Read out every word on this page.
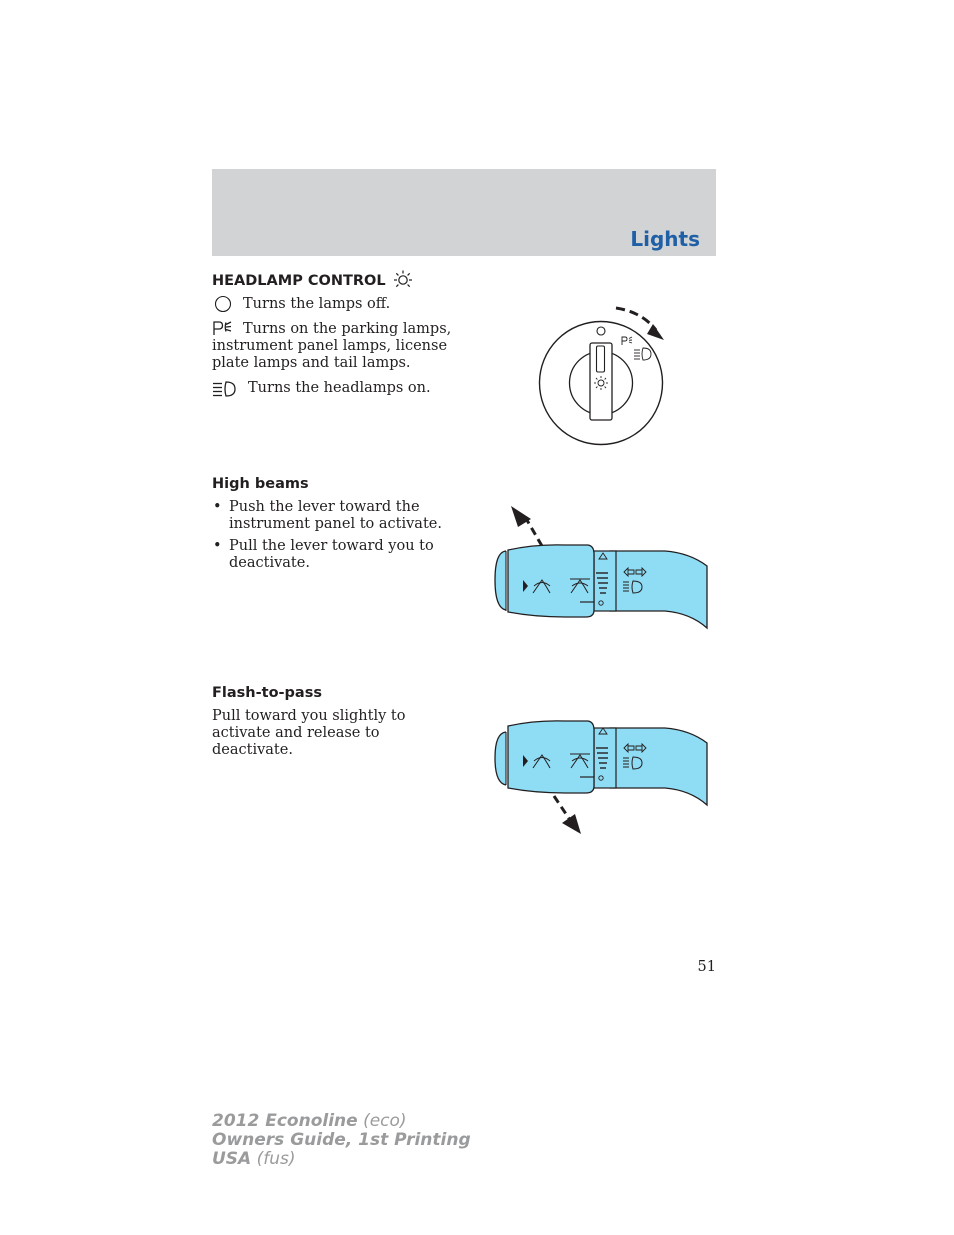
Lights
HEADLAMP CONTROL
Turns the lamps off.
Turns on the parking lamps, instrument panel lamps, license plate lamps and tail lamps.
Turns the headlamps on.
High beams
• Push the lever toward the instrument panel to activate.
• Pull the lever toward you to deactivate.
Flash-to-pass
Pull toward you slightly to activate and release to deactivate.
51
2012 Econoline (eco)
Owners Guide, 1st Printing
USA (fus)
